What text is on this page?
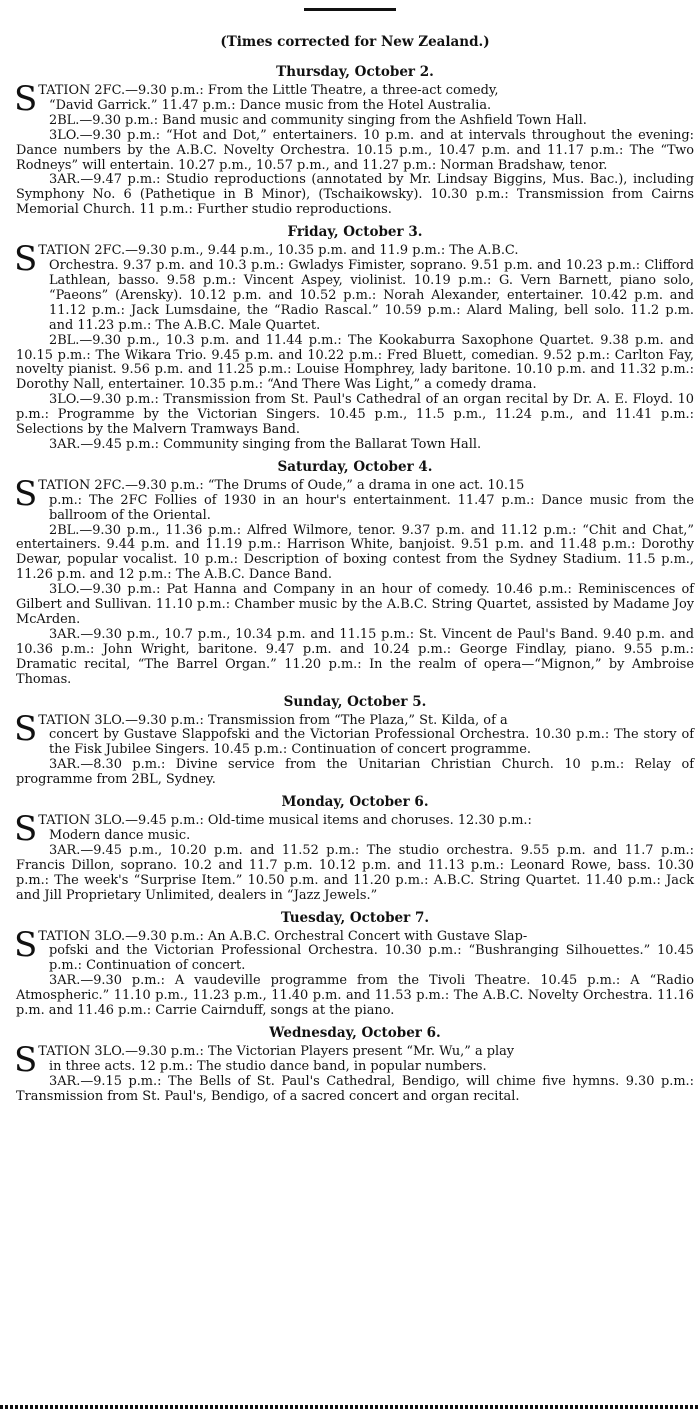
(Times corrected for New Zealand.)
Thursday, October 2.

STATION 2FC.—9.30 p.m.: From the Little Theatre, a three-act comedy,
“David Garrick.” 11.47 p.m.: Dance music from the Hotel Australia.

2BL.—9.30 p.m.: Band music and community singing from the Ashfield Town Hall.

3LO.—9.30 p.m.: “Hot and Dot,” entertainers. 10 p.m. and at intervals throughout the evening: Dance numbers by the A.B.C. Novelty Orchestra. 10.15 p.m., 10.47 p.m. and 11.17 p.m.: The “Two Rodneys” will entertain. 10.27 p.m., 10.57 p.m., and 11.27 p.m.: Norman Bradshaw, tenor.

3AR.—9.47 p.m.: Studio reproductions (annotated by Mr. Lindsay Biggins, Mus. Bac.), including Symphony No. 6 (Pathetique in B Minor), (Tschaikowsky). 10.30 p.m.: Transmission from Cairns Memorial Church. 11 p.m.: Further studio reproductions.

Friday, October 3.

STATION 2FC.—9.30 p.m., 9.44 p.m., 10.35 p.m. and 11.9 p.m.: The A.B.C.
Orchestra. 9.37 p.m. and 10.3 p.m.: Gwladys Fimister, soprano. 9.51 p.m. and 10.23 p.m.: Clifford Lathlean, basso. 9.58 p.m.: Vincent Aspey, violinist. 10.19 p.m.: G. Vern Barnett, piano solo, “Paeons” (Arensky). 10.12 p.m. and 10.52 p.m.: Norah Alexander, entertainer. 10.42 p.m. and 11.12 p.m.: Jack Lumsdaine, the “Radio Rascal.” 10.59 p.m.: Alard Maling, bell solo. 11.2 p.m. and 11.23 p.m.: The A.B.C. Male Quartet.

2BL.—9.30 p.m., 10.3 p.m. and 11.44 p.m.: The Kookaburra Saxophone Quartet. 9.38 p.m. and 10.15 p.m.: The Wikara Trio. 9.45 p.m. and 10.22 p.m.: Fred Bluett, comedian. 9.52 p.m.: Carlton Fay, novelty pianist. 9.56 p.m. and 11.25 p.m.: Louise Homphrey, lady baritone. 10.10 p.m. and 11.32 p.m.: Dorothy Nall, entertainer. 10.35 p.m.: “And There Was Light,” a comedy drama.

3LO.—9.30 p.m.: Transmission from St. Paul's Cathedral of an organ recital by Dr. A. E. Floyd. 10 p.m.: Programme by the Victorian Singers. 10.45 p.m., 11.5 p.m., 11.24 p.m., and 11.41 p.m.: Selections by the Malvern Tramways Band.

3AR.—9.45 p.m.: Community singing from the Ballarat Town Hall.

Saturday, October 4.

STATION 2FC.—9.30 p.m.: “The Drums of Oude,” a drama in one act. 10.15
p.m.: The 2FC Follies of 1930 in an hour's entertainment. 11.47 p.m.: Dance music from the ballroom of the Oriental.

2BL.—9.30 p.m., 11.36 p.m.: Alfred Wilmore, tenor. 9.37 p.m. and 11.12 p.m.: “Chit and Chat,” entertainers. 9.44 p.m. and 11.19 p.m.: Harrison White, banjoist. 9.51 p.m. and 11.48 p.m.: Dorothy Dewar, popular vocalist. 10 p.m.: Description of boxing contest from the Sydney Stadium. 11.5 p.m., 11.26 p.m. and 12 p.m.: The A.B.C. Dance Band.

3LO.—9.30 p.m.: Pat Hanna and Company in an hour of comedy. 10.46 p.m.: Reminiscences of Gilbert and Sullivan. 11.10 p.m.: Chamber music by the A.B.C. String Quartet, assisted by Madame Joy McArden.

3AR.—9.30 p.m., 10.7 p.m., 10.34 p.m. and 11.15 p.m.: St. Vincent de Paul's Band. 9.40 p.m. and 10.36 p.m.: John Wright, baritone. 9.47 p.m. and 10.24 p.m.: George Findlay, piano. 9.55 p.m.: Dramatic recital, “The Barrel Organ.” 11.20 p.m.: In the realm of opera—“Mignon,” by Ambroise Thomas.

Sunday, October 5.

STATION 3LO.—9.30 p.m.: Transmission from “The Plaza,” St. Kilda, of a
concert by Gustave Slappofski and the Victorian Professional Orchestra. 10.30 p.m.: The story of the Fisk Jubilee Singers. 10.45 p.m.: Continuation of concert programme.

3AR.—8.30 p.m.: Divine service from the Unitarian Christian Church. 10 p.m.: Relay of programme from 2BL, Sydney.

Monday, October 6.

STATION 3LO.—9.45 p.m.: Old-time musical items and choruses. 12.30 p.m.:
Modern dance music.

3AR.—9.45 p.m., 10.20 p.m. and 11.52 p.m.: The studio orchestra. 9.55 p.m. and 11.7 p.m.: Francis Dillon, soprano. 10.2 and 11.7 p.m. 10.12 p.m. and 11.13 p.m.: Leonard Rowe, bass. 10.30 p.m.: The week's “Surprise Item.” 10.50 p.m. and 11.20 p.m.: A.B.C. String Quartet. 11.40 p.m.: Jack and Jill Proprietary Unlimited, dealers in “Jazz Jewels.”

Tuesday, October 7.

STATION 3LO.—9.30 p.m.: An A.B.C. Orchestral Concert with Gustave Slap-
pofski and the Victorian Professional Orchestra. 10.30 p.m.: “Bushranging Silhouettes.” 10.45 p.m.: Continuation of concert.

3AR.—9.30 p.m.: A vaudeville programme from the Tivoli Theatre. 10.45 p.m.: A “Radio Atmospheric.” 11.10 p.m., 11.23 p.m., 11.40 p.m. and 11.53 p.m.: The A.B.C. Novelty Orchestra. 11.16 p.m. and 11.46 p.m.: Carrie Cairnduff, songs at the piano.

Wednesday, October 6.

STATION 3LO.—9.30 p.m.: The Victorian Players present “Mr. Wu,” a play
in three acts. 12 p.m.: The studio dance band, in popular numbers.

3AR.—9.15 p.m.: The Bells of St. Paul's Cathedral, Bendigo, will chime five hymns. 9.30 p.m.: Transmission from St. Paul's, Bendigo, of a sacred concert and organ recital.
